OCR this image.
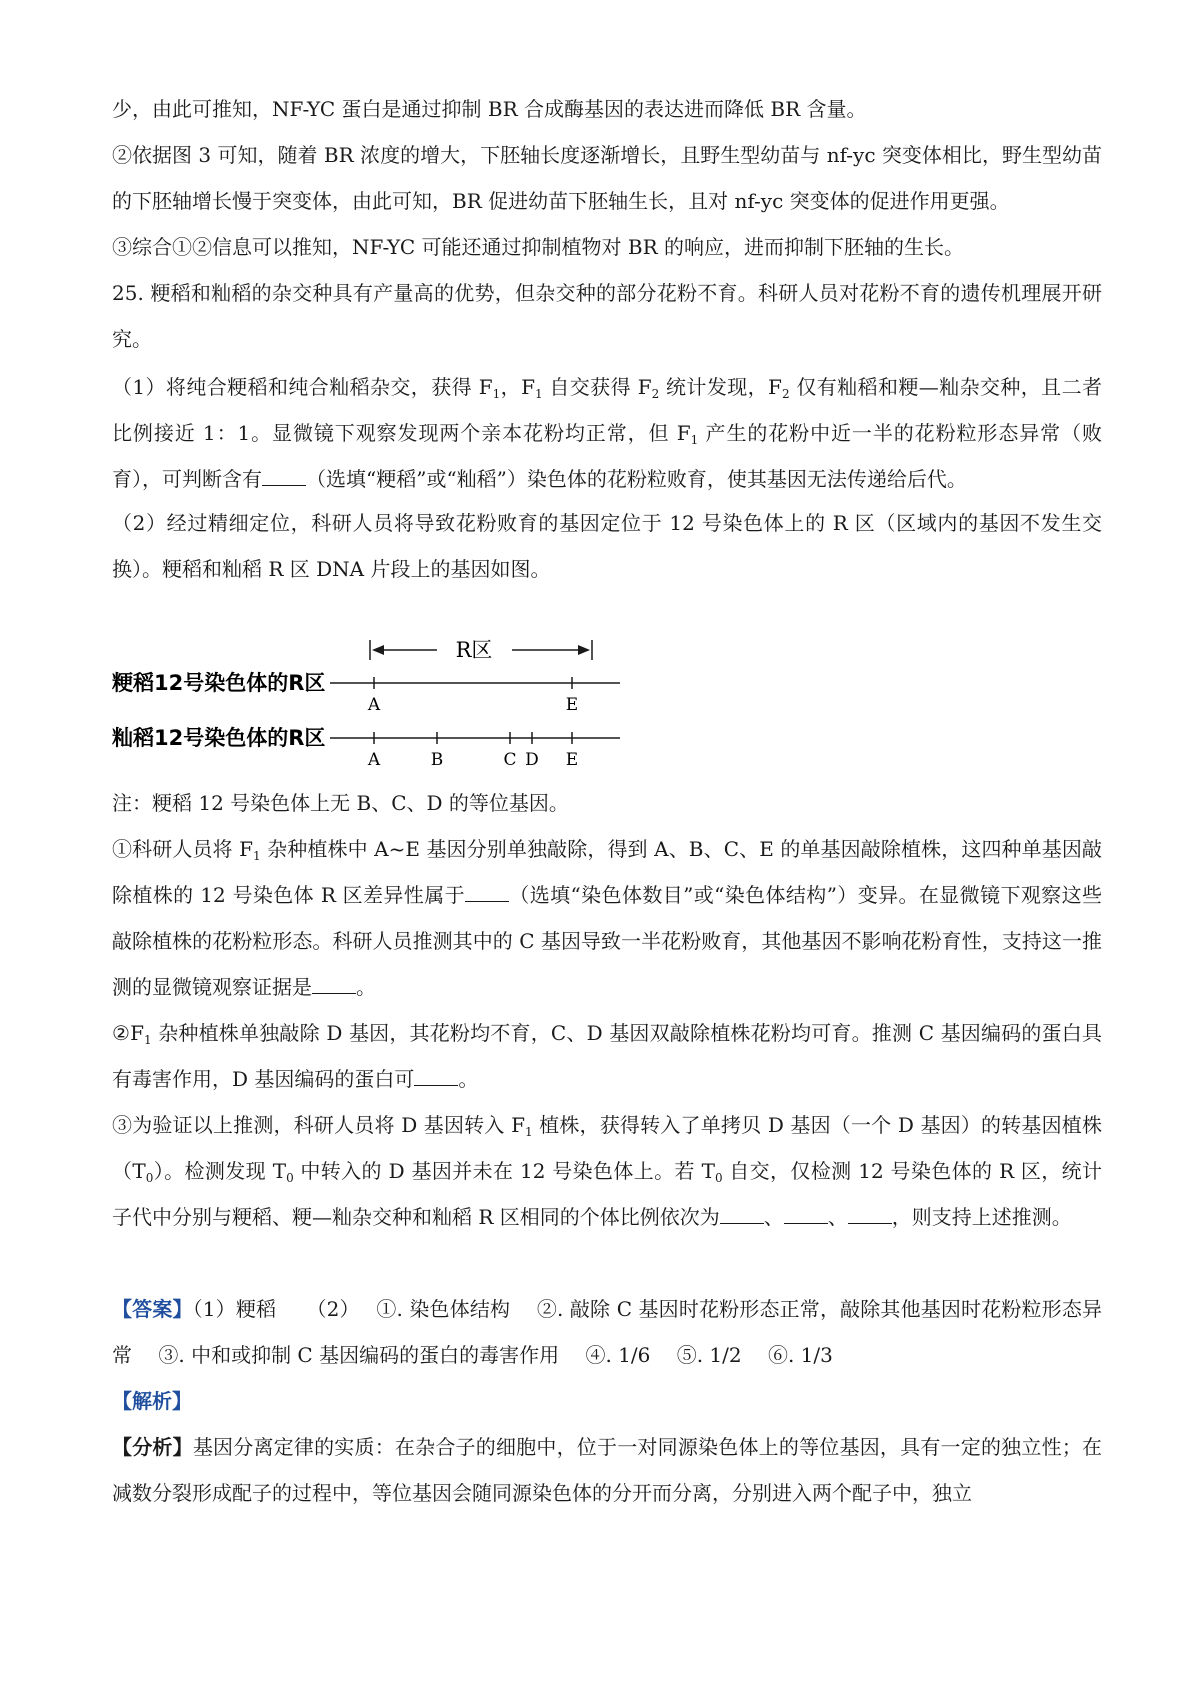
少，由此可推知，NF-YC 蛋白是通过抑制 BR 合成酶基因的表达进而降低 BR 含量。

②依据图 3 可知，随着 BR 浓度的增大，下胚轴长度逐渐增长，且野生型幼苗与 nf-yc 突变体相比，野生型幼苗的下胚轴增长慢于突变体，由此可知，BR 促进幼苗下胚轴生长，且对 nf-yc 突变体的促进作用更强。

③综合①②信息可以推知，NF-YC 可能还通过抑制植物对 BR 的响应，进而抑制下胚轴的生长。

25. 粳稻和籼稻的杂交种具有产量高的优势，但杂交种的部分花粉不育。科研人员对花粉不育的遗传机理展开研究。

（1）将纯合粳稻和纯合籼稻杂交，获得 $F_1$，$F_1$ 自交获得 $F_2$ 统计发现，$F_2$ 仅有籼稻和粳—籼杂交种，且二者比例接近 1：1。显微镜下观察发现两个亲本花粉均正常，但 $F_1$ 产生的花粉中近一半的花粉粒形态异常（败育），可判断含有 （选填“粳稻”或“籼稻”）染色体的花粉粒败育，使其基因无法传递给后代。

（2）经过精细定位，科研人员将导致花粉败育的基因定位于 12 号染色体上的 R 区（区域内的基因不发生交换）。粳稻和籼稻 R 区 DNA 片段上的基因如图。

R区
粳稻12号染色体的R区
A	E
籼稻12号染色体的R区
A	B	C D E

注：粳稻 12 号染色体上无 B、C、D 的等位基因。

①科研人员将 $F_1$ 杂种植株中 A~E 基因分别单独敲除，得到 A、B、C、E 的单基因敲除植株，这四种单基因敲除植株的 12 号染色体 R 区差异性属于 （选填“染色体数目”或“染色体结构”）变异。在显微镜下观察这些敲除植株的花粉粒形态。科研人员推测其中的 C 基因导致一半花粉败育，其他基因不影响花粉育性，支持这一推测的显微镜观察证据是 。

$②F_1$ 杂种植株单独敲除 D 基因，其花粉均不育，C、D 基因双敲除植株花粉均可育。推测 C 基因编码的蛋白具有毒害作用，D 基因编码的蛋白可 。

③为验证以上推测，科研人员将 D 基因转入 $F_1$ 植株，获得转入了单拷贝 D 基因（一个 D 基因）的转基因植株$(T_0)$。检测发现 $T_0$ 中转入的 D 基因并未在 12 号染色体上。若 $T_0$ 自交，仅检测 12 号染色体的 R 区，统计子代中分别与粳稻、粳—籼杂交种和籼稻 R 区相同的个体比例依次为 、 、 ，则支持上述推测。

【答案】（1）粳稻　　（2）　 ①. 染色体结构　 ②. 敲除 C 基因时花粉形态正常，敲除其他基因时花粉粒形态异常　 ③. 中和或抑制 C 基因编码的蛋白的毒害作用　 ④. 1/6　 ⑤. 1/2　 ⑥. 1/3

【解析】

【分析】基因分离定律的实质：在杂合子的细胞中，位于一对同源染色体上的等位基因，具有一定的独立性；在减数分裂形成配子的过程中，等位基因会随同源染色体的分开而分离，分别进入两个配子中，独立
